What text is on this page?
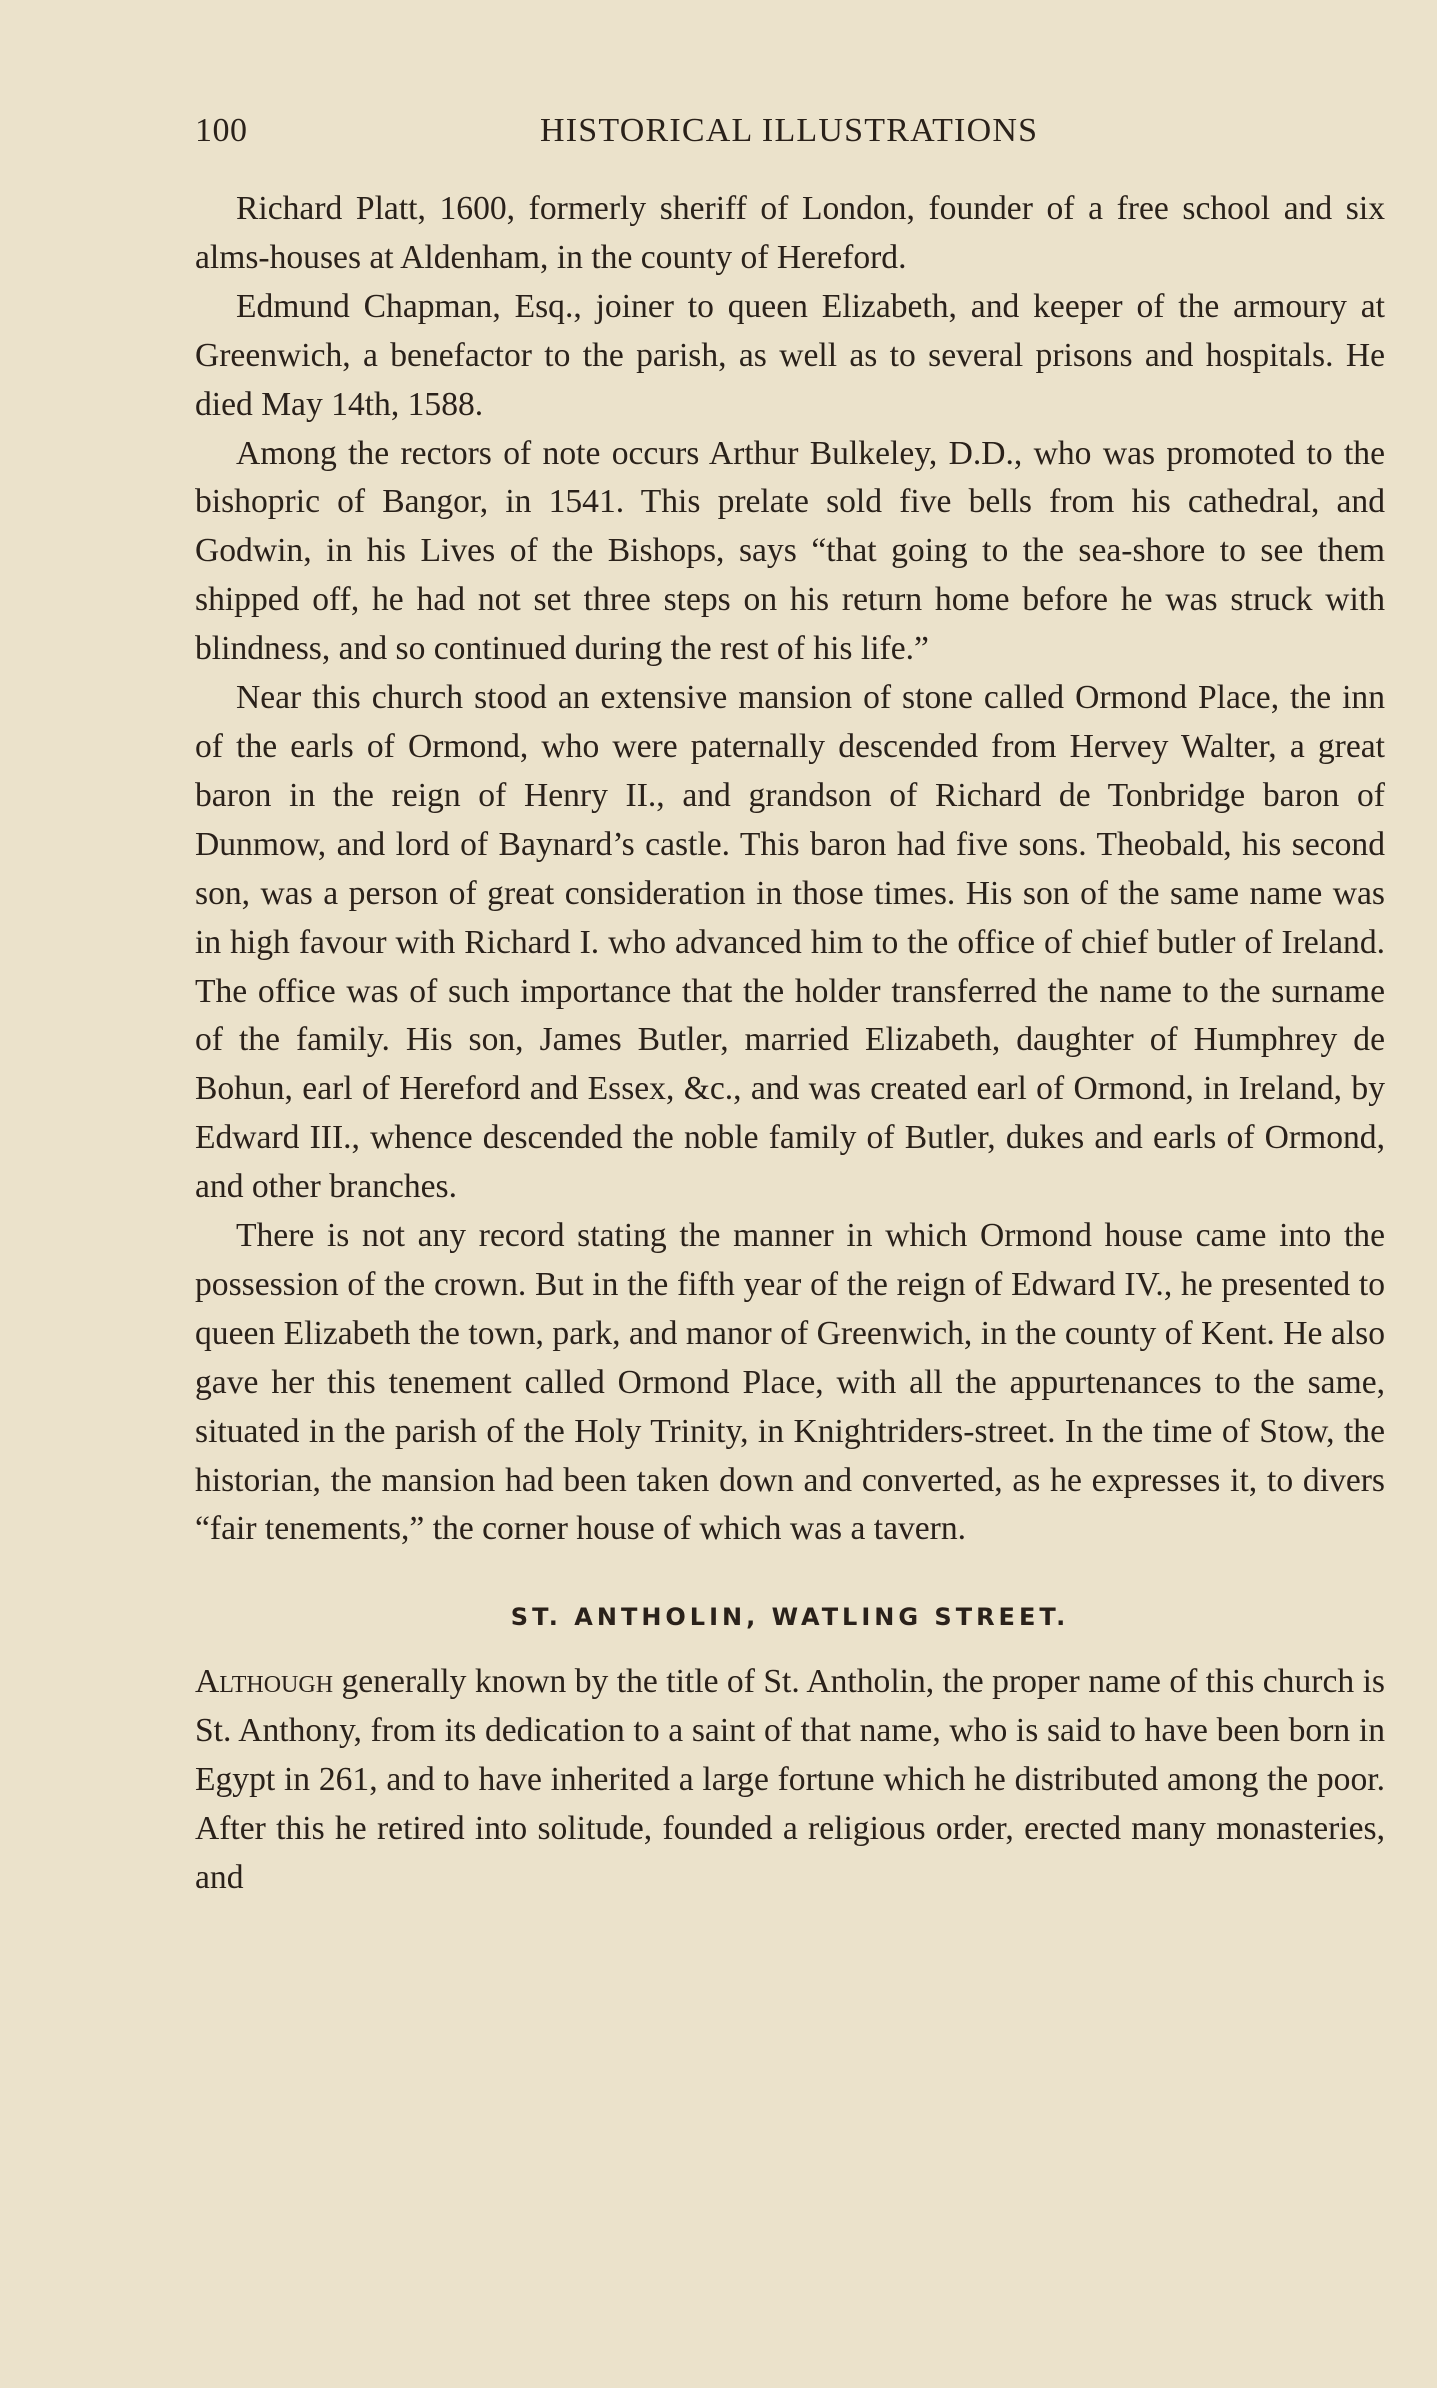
100	HISTORICAL ILLUSTRATIONS

Richard Platt, 1600, formerly sheriff of London, founder of a free school and six alms-houses at Aldenham, in the county of Hereford.

Edmund Chapman, Esq., joiner to queen Elizabeth, and keeper of the armoury at Greenwich, a benefactor to the parish, as well as to several prisons and hospitals. He died May 14th, 1588.

Among the rectors of note occurs Arthur Bulkeley, D.D., who was promoted to the bishopric of Bangor, in 1541. This prelate sold five bells from his cathedral, and Godwin, in his Lives of the Bishops, says “that going to the sea-shore to see them shipped off, he had not set three steps on his return home before he was struck with blindness, and so continued during the rest of his life.”

Near this church stood an extensive mansion of stone called Ormond Place, the inn of the earls of Ormond, who were paternally descended from Hervey Walter, a great baron in the reign of Henry II., and grandson of Richard de Tonbridge baron of Dunmow, and lord of Baynard’s castle. This baron had five sons. Theobald, his second son, was a person of great consideration in those times. His son of the same name was in high favour with Richard I. who advanced him to the office of chief butler of Ireland. The office was of such importance that the holder transferred the name to the surname of the family. His son, James Butler, married Elizabeth, daughter of Humphrey de Bohun, earl of Hereford and Essex, &c., and was created earl of Ormond, in Ireland, by Edward III., whence descended the noble family of Butler, dukes and earls of Ormond, and other branches.

There is not any record stating the manner in which Ormond house came into the possession of the crown. But in the fifth year of the reign of Edward IV., he presented to queen Elizabeth the town, park, and manor of Greenwich, in the county of Kent. He also gave her this tenement called Ormond Place, with all the appurtenances to the same, situated in the parish of the Holy Trinity, in Knightriders-street. In the time of Stow, the historian, the mansion had been taken down and converted, as he expresses it, to divers “fair tenements,” the corner house of which was a tavern.

ST. ANTHOLIN, WATLING STREET.

Although generally known by the title of St. Antholin, the proper name of this church is St. Anthony, from its dedication to a saint of that name, who is said to have been born in Egypt in 261, and to have inherited a large fortune which he distributed among the poor. After this he retired into solitude, founded a religious order, erected many monasteries, and
